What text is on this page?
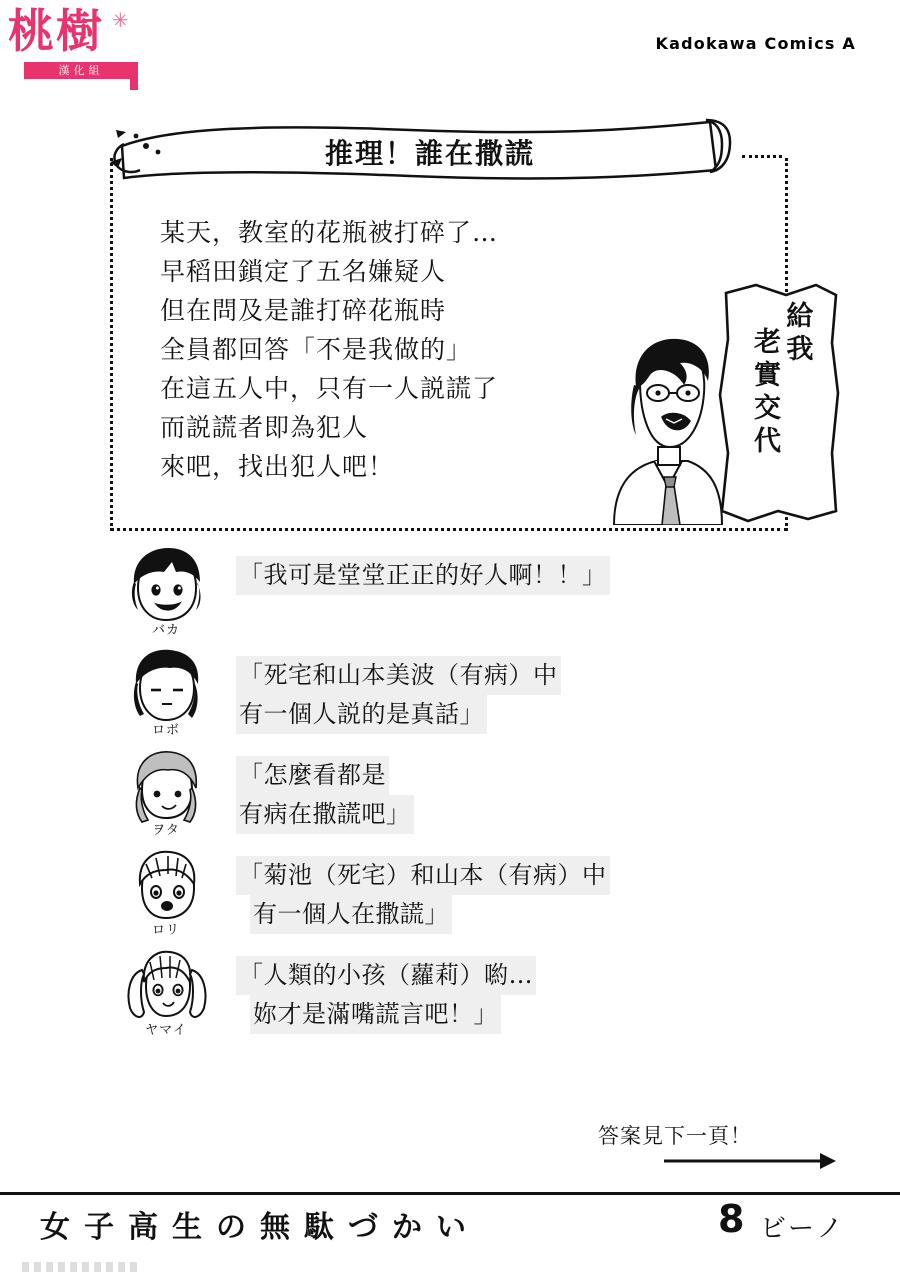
桃樹 ✳
漢化組
Kadokawa Comics A
推理！誰在撒謊
某天，教室的花瓶被打碎了…
早稻田鎖定了五名嫌疑人
但在問及是誰打碎花瓶時
全員都回答「不是我做的」
在這五人中，只有一人説謊了
而説謊者即為犯人
來吧，找出犯人吧！
給我
老實交代
バカ
「我可是堂堂正正的好人啊！！」
ロボ
「死宅和山本美波（有病）中
有一個人説的是真話」
ヲタ
「怎麼看都是
有病在撒謊吧」
ロリ
「菊池（死宅）和山本（有病）中
有一個人在撒謊」
ヤマイ
「人類的小孩（蘿莉）喲…
妳才是滿嘴謊言吧！」
答案見下一頁！
女子高生の無駄づかい	8 ビーノ
